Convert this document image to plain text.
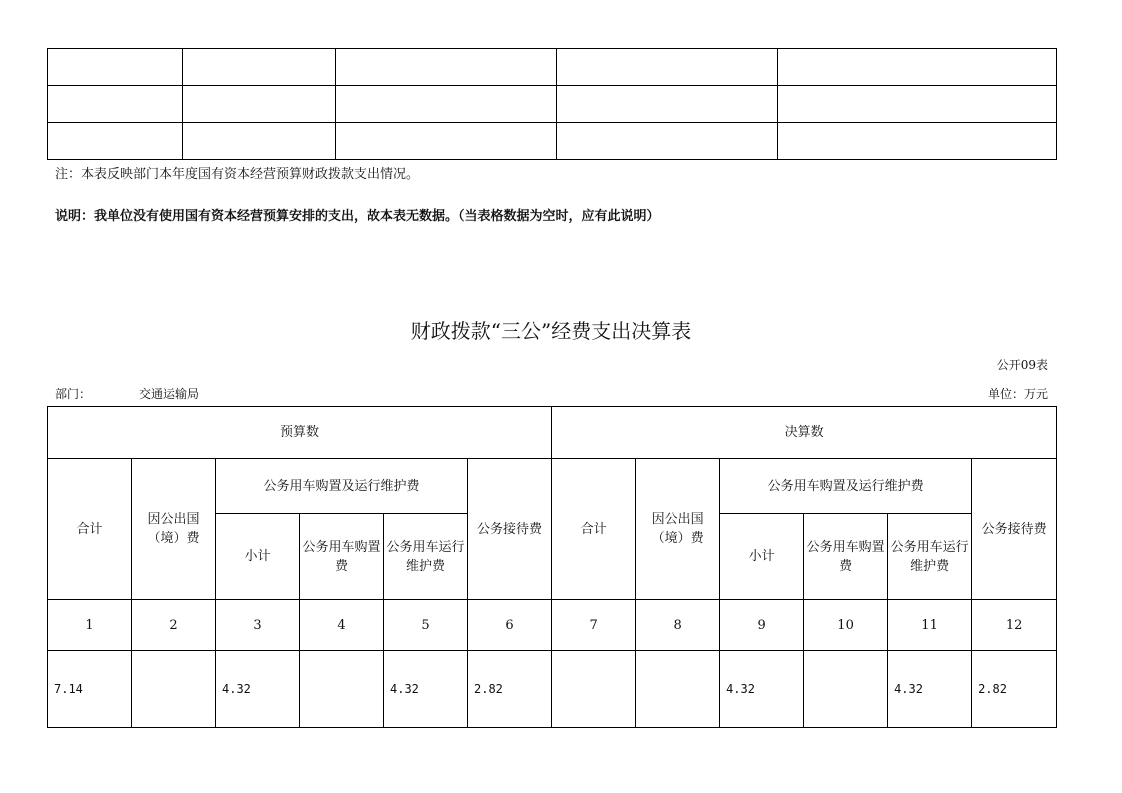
注：本表反映部门本年度国有资本经营预算财政拨款支出情况。
说明：我单位没有使用国有资本经营预算安排的支出，故本表无数据。（当表格数据为空时，应有此说明）
财政拨款“三公”经费支出决算表
公开09表
部门：	交通运输局	单位：万元
预算数						决算数					
合计	因公出国（境）费	公务用车购置及运行维护费			公务接待费	合计	因公出国（境）费	公务用车购置及运行维护费			公务接待费
		小计	公务用车购置费	公务用车运行维护费				小计	公务用车购置费	公务用车运行维护费	
1	2	3	4	5	6	7	8	9	10	11	12
7.14		4.32		4.32	2.82			4.32		4.32	2.82
